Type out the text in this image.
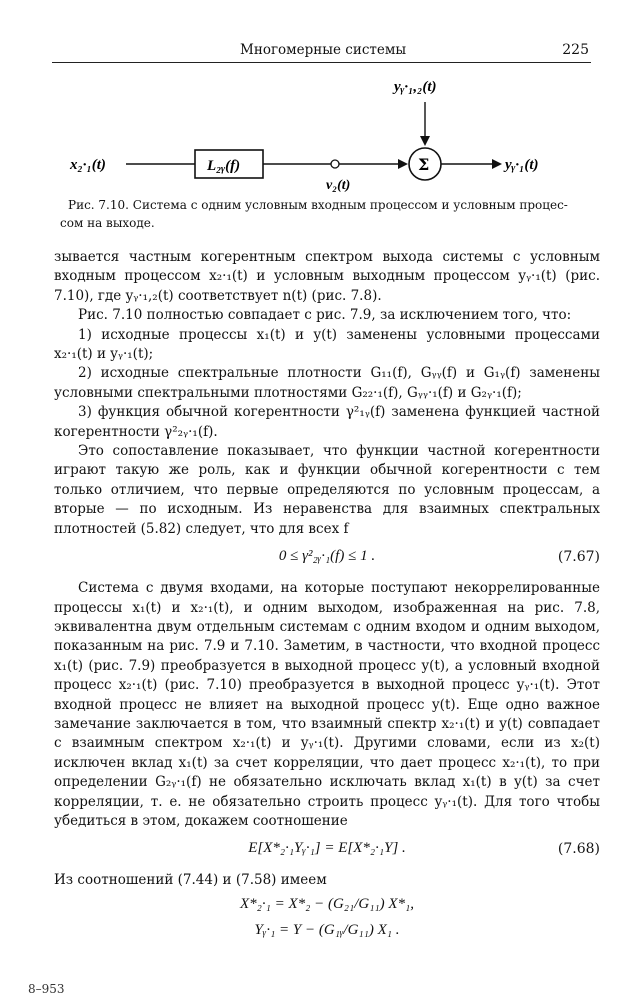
Многомерные системы	225
yᵧ·₁,₂(t)
x₂·₁(t)	L₂ᵧ(f)
v₂(t)
Σ	yᵧ·₁(t)
Рис. 7.10. Система с одним условным входным процессом и условным процес-
сом на выходе.

зывается частным когерентным спектром выхода системы с условным входным процессом x₂·₁(t) и условным выходным процессом yᵧ·₁(t) (рис. 7.10), где yᵧ·₁,₂(t) соответствует n(t) (рис. 7.8).

Рис. 7.10 полностью совпадает с рис. 7.9, за исключением того, что:

1) исходные процессы x₁(t) и y(t) заменены условными процессами x₂·₁(t) и yᵧ·₁(t);

2) исходные спектральные плотности G₁₁(f), Gᵧᵧ(f) и G₁ᵧ(f) заменены условными спектральными плотностями G₂₂·₁(f), Gᵧᵧ·₁(f) и G₂ᵧ·₁(f);

3) функция обычной когерентности γ²₁ᵧ(f) заменена функцией частной когерентности γ²₂ᵧ·₁(f).

Это сопоставление показывает, что функции частной когерентности играют такую же роль, как и функции обычной когерентности с тем только отличием, что первые определяются по условным процессам, а вторые — по исходным. Из неравенства для взаимных спектральных плотностей (5.82) следует, что для всех f

0 ≤ γ²₂ᵧ·₁(f) ≤ 1 .	(7.67)

Система с двумя входами, на которые поступают некоррелированные процессы x₁(t) и x₂·₁(t), и одним выходом, изображенная на рис. 7.8, эквивалентна двум отдельным системам с одним входом и одним выходом, показанным на рис. 7.9 и 7.10. Заметим, в частности, что входной процесс x₁(t) (рис. 7.9) преобразуется в выходной процесс y(t), а условный входной процесс x₂·₁(t) (рис. 7.10) преобразуется в выходной процесс yᵧ·₁(t). Этот входной процесс не влияет на выходной процесс y(t). Еще одно важное замечание заключается в том, что взаимный спектр x₂·₁(t) и y(t) совпадает с взаимным спектром x₂·₁(t) и yᵧ·₁(t). Другими словами, если из x₂(t) исключен вклад x₁(t) за счет корреляции, что дает процесс x₂·₁(t), то при определении G₂ᵧ·₁(f) не обязательно исключать вклад x₁(t) в y(t) за счет корреляции, т. е. не обязательно строить процесс yᵧ·₁(t). Для того чтобы убедиться в этом, докажем соотношение

E[X*₂·₁Yᵧ·₁] = E[X*₂·₁Y] .	(7.68)

Из соотношений (7.44) и (7.58) имеем

X*₂·₁ = X*₂ − (G₂₁/G₁₁) X*₁,
Yᵧ·₁ = Y − (G₁ᵧ/G₁₁) X₁ .
8–953
